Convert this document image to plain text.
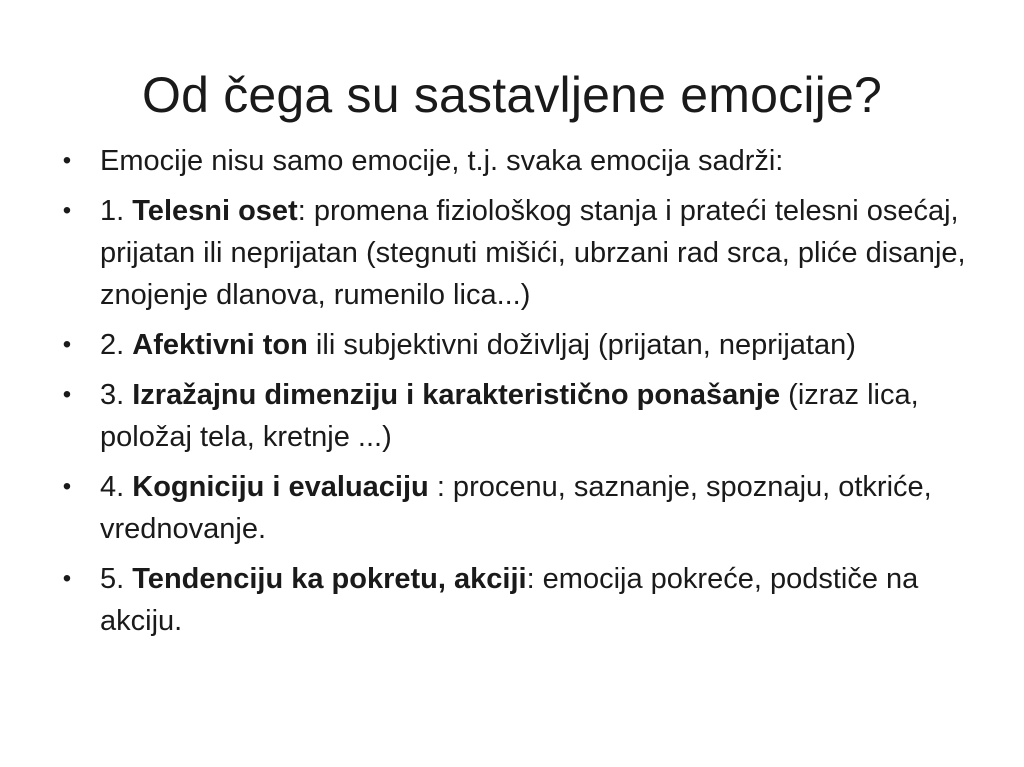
Od čega su sastavljene emocije?
• Emocije nisu samo emocije, t.j. svaka emocija sadrži:
• 1. Telesni oset: promena fiziološkog stanja i prateći telesni osećaj, prijatan ili neprijatan (stegnuti mišići, ubrzani rad srca, plićе disanje, znojenje dlanova, rumenilo lica...)
• 2. Afektivni ton ili subjektivni doživljaj (prijatan, neprijatan)
• 3. Izražajnu dimenziju i karakteristično ponašanje (izraz lica, položaj tela, kretnje ...)
• 4. Kogniciju i evaluaciju : procenu, saznanje, spoznaju, otkriće, vrednovanje.
• 5. Tendenciju ka pokretu, akciji: emocija pokreće, podstiče na akciju.
